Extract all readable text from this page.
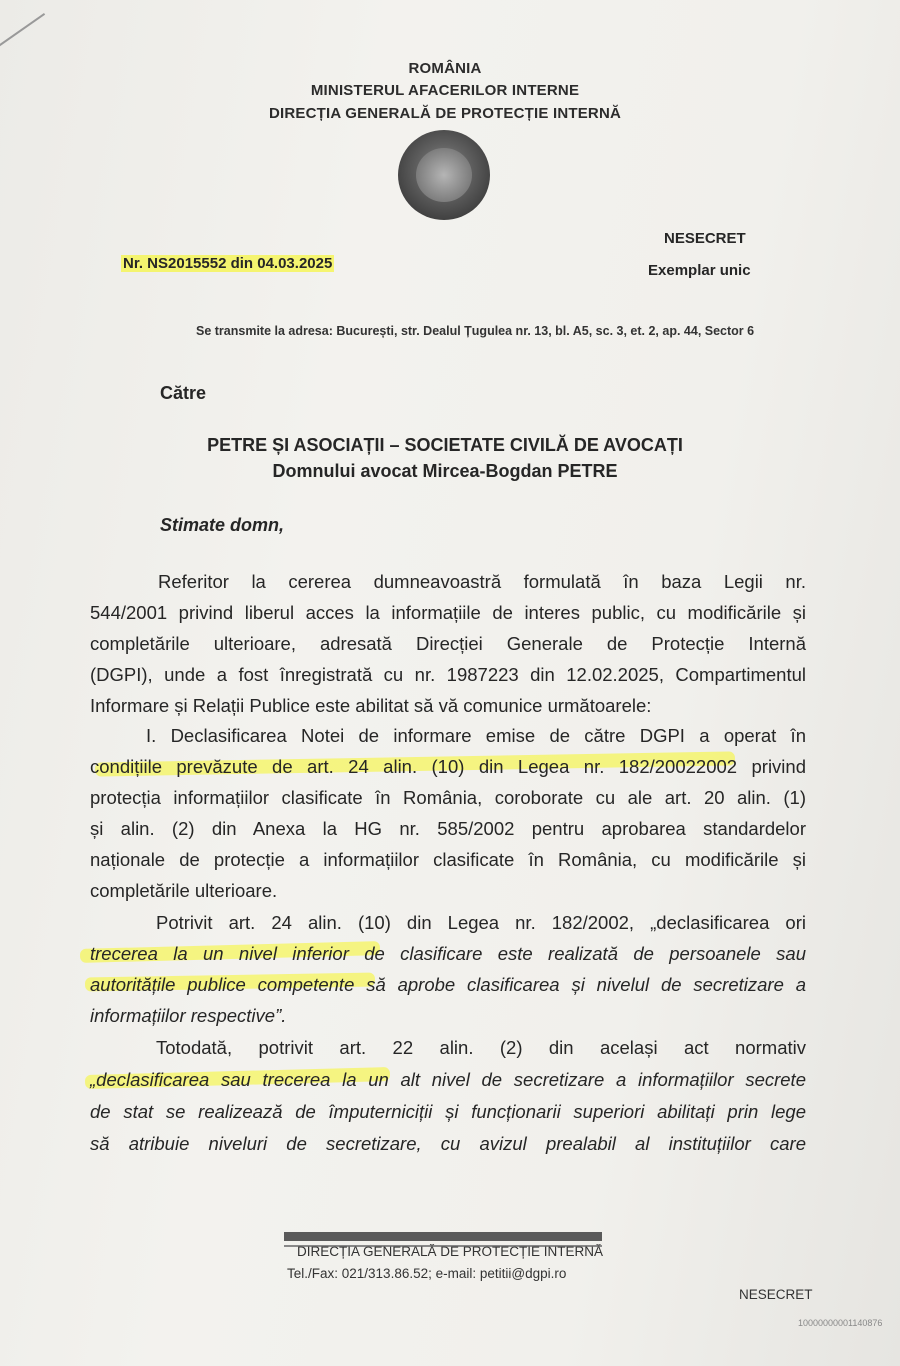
ROMÂNIA
MINISTERUL AFACERILOR INTERNE
DIRECȚIA GENERALĂ DE PROTECȚIE INTERNĂ
NESECRET
Nr. NS2015552 din 04.03.2025	Exemplar unic
Se transmite la adresa: București, str. Dealul Țugulea nr. 13, bl. A5, sc. 3, et. 2, ap. 44, Sector 6
Către
PETRE ȘI ASOCIAȚII – SOCIETATE CIVILĂ DE AVOCAȚI
Domnului avocat Mircea-Bogdan PETRE
Stimate domn,
Referitor la cererea dumneavoastră formulată în baza Legii nr.
544/2001 privind liberul acces la informațiile de interes public, cu modificările și
completările ulterioare, adresată Direcției Generale de Protecție Internă
(DGPI), unde a fost înregistrată cu nr. 1987223 din 12.02.2025, Compartimentul
Informare și Relații Publice este abilitat să vă comunice următoarele:
I. Declasificarea Notei de informare emise de către DGPI a operat în
condițiile prevăzute de art. 24 alin. (10) din Legea nr. 182/20022002 privind
protecția informațiilor clasificate în România, coroborate cu ale art. 20 alin. (1)
și alin. (2) din Anexa la HG nr. 585/2002 pentru aprobarea standardelor
naționale de protecție a informațiilor clasificate în România, cu modificările și
completările ulterioare.
Potrivit art. 24 alin. (10) din Legea nr. 182/2002, „declasificarea ori
trecerea la un nivel inferior de clasificare este realizată de persoanele sau
autoritățile publice competente să aprobe clasificarea și nivelul de secretizare a
informațiilor respective”.
Totodată, potrivit art. 22 alin. (2) din același act normativ
„declasificarea sau trecerea la un alt nivel de secretizare a informațiilor secrete
de stat se realizează de împuterniciții și funcționarii superiori abilitați prin lege
să atribuie niveluri de secretizare, cu avizul prealabil al instituțiilor care
DIRECȚIA GENERALĂ DE PROTECȚIE INTERNĂ
Tel./Fax: 021/313.86.52; e-mail: petitii@dgpi.ro
NESECRET
10000000001140876
